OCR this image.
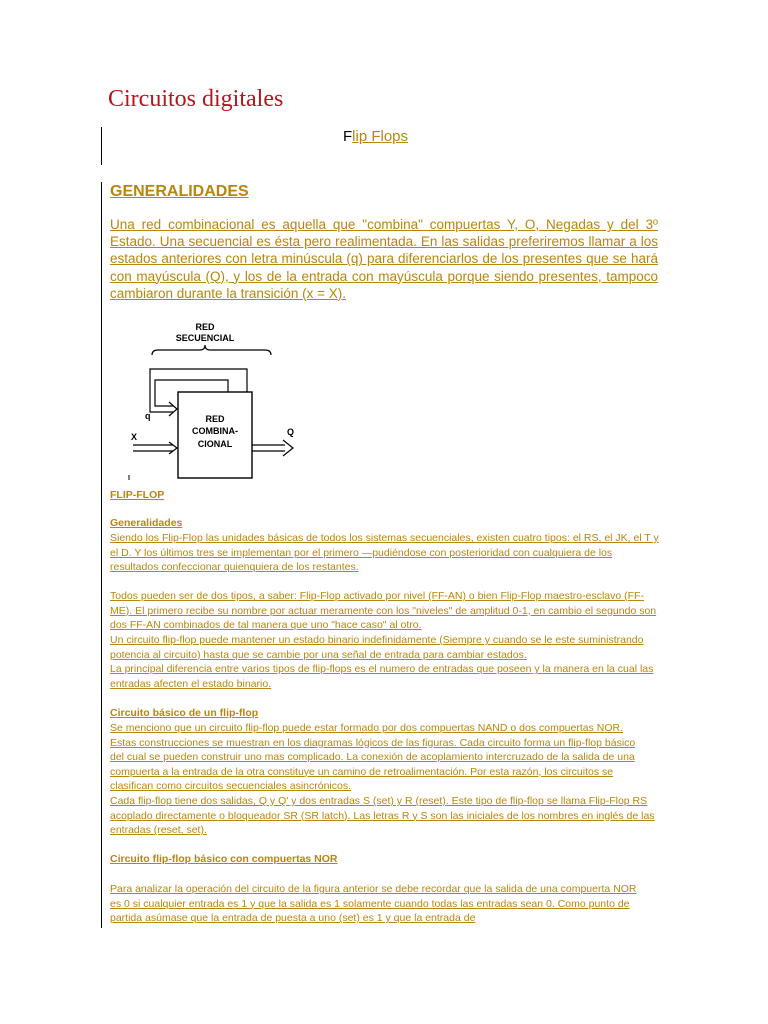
Circuitos digitales
Flip Flops
GENERALIDADES

Una red combinacional es aquella que "combina" compuertas Y, O, Negadas y del 3º Estado. Una secuencial es ésta pero realimentada. En las salidas preferiremos llamar a los estados anteriores con letra minúscula (q) para diferenciarlos de los presentes que se hará con mayúscula (Q), y los de la entrada con mayúscula porque siendo presentes, tampoco cambiaron durante la transición (x = X).

RED
SECUENCIAL
RED
COMBINA-
CIONAL
q
X	Q

FLIP-FLOP

Generalidades

Siendo los Flip-Flop las unidades básicas de todos los sistemas secuenciales, existen cuatro tipos: el RS, el JK, el T y el D. Y los últimos tres se implementan por el primero —pudiéndose con posterioridad con cualquiera de los resultados confeccionar quienquiera de los restantes.

Todos pueden ser de dos tipos, a saber: Flip-Flop activado por nivel (FF-AN) o bien Flip-Flop maestro-esclavo (FF-ME). El primero recibe su nombre por actuar meramente con los "niveles" de amplitud 0-1, en cambio el segundo son dos FF-AN combinados de tal manera que uno "hace caso" al otro.

Un circuito flip-flop puede mantener un estado binario indefinidamente (Siempre y cuando se le este suministrando potencia al circuito) hasta que se cambie por una señal de entrada para cambiar estados.

La principal diferencia entre varios tipos de flip-flops es el numero de entradas que poseen y la manera en la cual las entradas afecten el estado binario.

Circuito básico de un flip-flop

Se menciono que un circuito flip-flop puede estar formado por dos compuertas NAND o dos compuertas NOR. Estas construcciones se muestran en los diagramas lógicos de las figuras. Cada circuito forma un flip-flop básico del cual se pueden construir uno mas complicado. La conexión de acoplamiento intercruzado de la salida de una compuerta a la entrada de la otra constituye un camino de retroalimentación. Por esta razón, los circuitos se clasifican como circuitos secuenciales asincrónicos.

Cada flip-flop tiene dos salidas, Q y Q' y dos entradas S (set) y R (reset). Este tipo de flip-flop se llama Flip-Flop RS acoplado directamente o bloqueador SR (SR latch). Las letras R y S son las iniciales de los nombres en inglés de las entradas (reset, set).

Circuito flip-flop básico con compuertas NOR

Para analizar la operación del circuito de la figura anterior se debe recordar que la salida de una compuerta NOR es 0 si cualquier entrada es 1 y que la salida es 1 solamente cuando todas las entradas sean 0. Como punto de partida asúmase que la entrada de puesta a uno (set) es 1 y que la entrada de
